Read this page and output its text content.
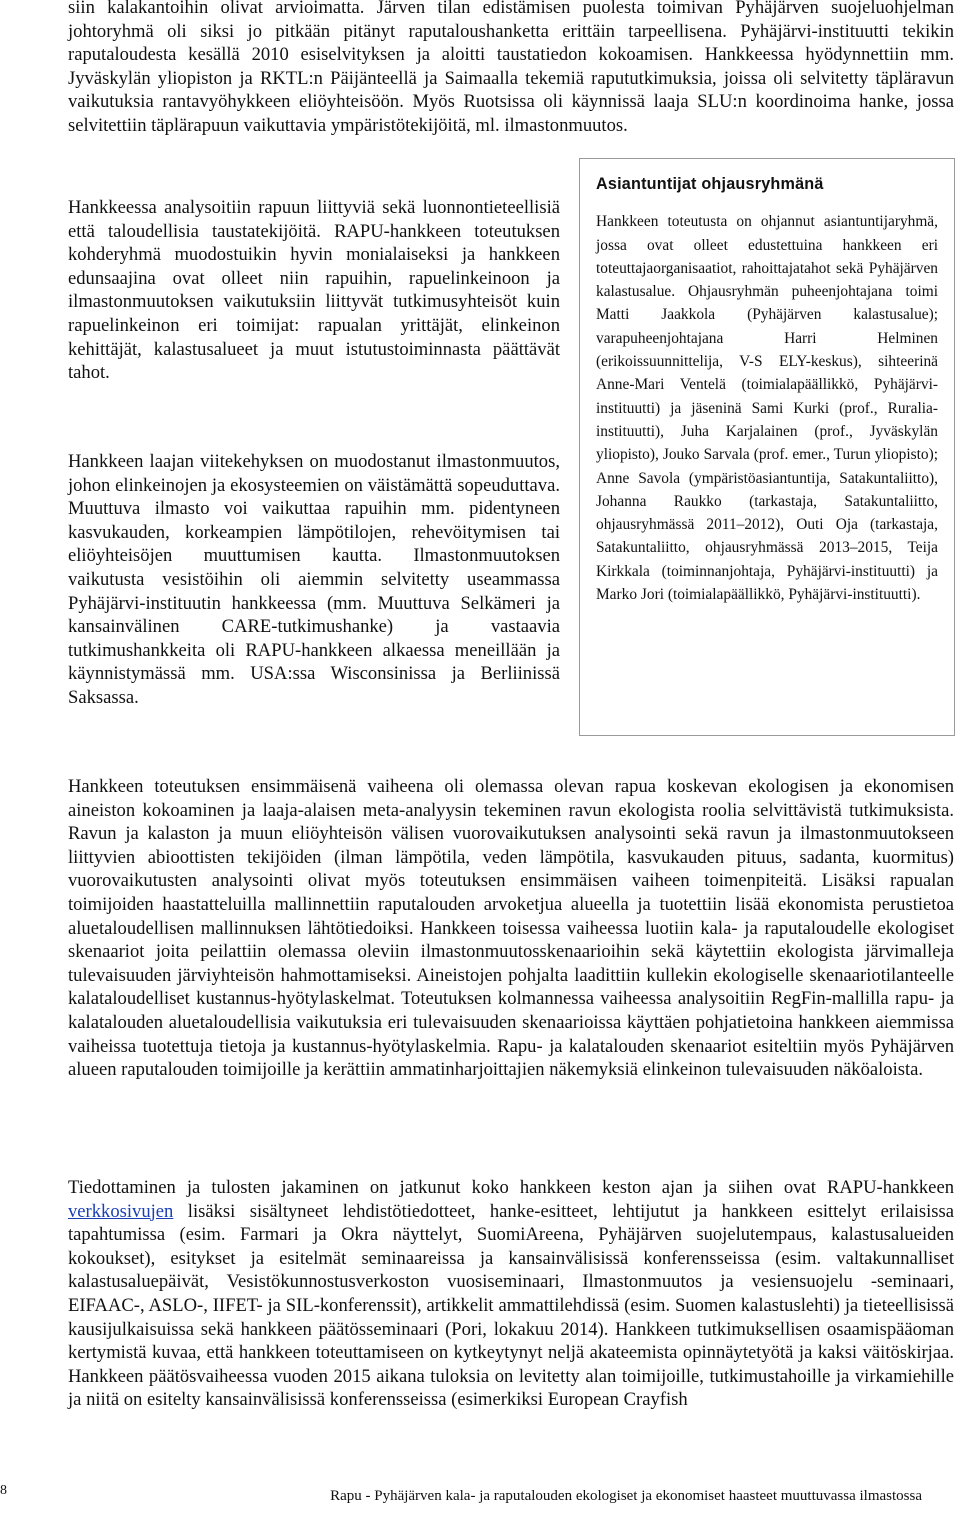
siin kalakantoihin olivat arvioimatta. Järven tilan edistämisen puolesta toimivan Pyhäjärven suojeluohjelman johtoryhmä oli siksi jo pitkään pitänyt raputaloushanketta erittäin tarpeellisena. Pyhäjärvi-instituutti tekikin raputaloudesta kesällä 2010 esiselvityksen ja aloitti taustatiedon kokoamisen. Hankkeessa hyödynnettiin mm. Jyväskylän yliopiston ja RKTL:n Päijänteellä ja Saimaalla tekemiä rapututkimuksia, joissa oli selvitetty täpläravun vaikutuksia rantavyöhykkeen eliöyhteisöön. Myös Ruotsissa oli käynnissä laaja SLU:n koordinoima hanke, jossa selvitettiin täplärapuun vaikuttavia ympäristötekijöitä, ml. ilmastonmuutos.

Hankkeessa analysoitiin rapuun liittyviä sekä luonnontieteellisiä että taloudellisia taustatekijöitä. RAPU-hankkeen toteutuksen kohderyhmä muodostuikin hyvin monialaiseksi ja hankkeen edunsaajina ovat olleet niin rapuihin, rapuelinkeinoon ja ilmastonmuutoksen vaikutuksiin liittyvät tutkimusyhteisöt kuin rapuelinkeinon eri toimijat: rapualan yrittäjät, elinkeinon kehittäjät, kalastusalueet ja muut istutustoiminnasta päättävät tahot.

Hankkeen laajan viitekehyksen on muodostanut ilmastonmuutos, johon elinkeinojen ja ekosysteemien on väistämättä sopeuduttava. Muuttuva ilmasto voi vaikuttaa rapuihin mm. pidentyneen kasvukauden, korkeampien lämpötilojen, rehevöitymisen tai eliöyhteisöjen muuttumisen kautta. Ilmastonmuutoksen vaikutusta vesistöihin oli aiemmin selvitetty useammassa Pyhäjärvi-instituutin hankkeessa (mm. Muuttuva Selkämeri ja kansainvälinen CARE-tutkimushanke) ja vastaavia tutkimushankkeita oli RAPU-hankkeen alkaessa meneillään ja käynnistymässä mm. USA:ssa Wisconsinissa ja Berliinissä Saksassa.

Asiantuntijat ohjausryhmänä

Hankkeen toteutusta on ohjannut asiantuntijaryhmä, jossa ovat olleet edustettuina hankkeen eri toteuttajaorganisaatiot, rahoittajatahot sekä Pyhäjärven kalastusalue. Ohjausryhmän puheenjohtajana toimi Matti Jaakkola (Pyhäjärven kalastusalue); varapuheenjohtajana Harri Helminen (erikoissuunnittelija, V-S ELY-keskus), sihteerinä Anne-Mari Ventelä (toimialapäällikkö, Pyhäjärvi-instituutti) ja jäseninä Sami Kurki (prof., Ruralia-instituutti), Juha Karjalainen (prof., Jyväskylän yliopisto), Jouko Sarvala (prof. emer., Turun yliopisto); Anne Savola (ympäristöasiantuntija, Satakuntaliitto), Johanna Raukko (tarkastaja, Satakuntaliitto, ohjausryhmässä 2011‒2012), Outi Oja (tarkastaja, Satakuntaliitto, ohjausryhmässä 2013‒2015, Teija Kirkkala (toiminnanjohtaja, Pyhäjärvi-instituutti) ja Marko Jori (toimialapäällikkö, Pyhäjärvi-instituutti).

Hankkeen toteutuksen ensimmäisenä vaiheena oli olemassa olevan rapua koskevan ekologisen ja ekonomisen aineiston kokoaminen ja laaja-alaisen meta-analyysin tekeminen ravun ekologista roolia selvittävistä tutkimuksista. Ravun ja kalaston ja muun eliöyhteisön välisen vuorovaikutuksen analysointi sekä ravun ja ilmastonmuutokseen liittyvien abioottisten tekijöiden (ilman lämpötila, veden lämpötila, kasvukauden pituus, sadanta, kuormitus) vuorovaikutusten analysointi olivat myös toteutuksen ensimmäisen vaiheen toimenpiteitä. Lisäksi rapualan toimijoiden haastatteluilla mallinnettiin raputalouden arvoketjua alueella ja tuotettiin lisää ekonomista perustietoa aluetaloudellisen mallinnuksen lähtötiedoiksi. Hankkeen toisessa vaiheessa luotiin kala- ja raputaloudelle ekologiset skenaariot joita peilattiin olemassa oleviin ilmastonmuutosskenaarioihin sekä käytettiin ekologista järvimalleja tulevaisuuden järviyhteisön hahmottamiseksi. Aineistojen pohjalta laadittiin kullekin ekologiselle skenaariotilanteelle kalataloudelliset kustannus-hyötylaskelmat. Toteutuksen kolmannessa vaiheessa analysoitiin RegFin-mallilla rapu- ja kalatalouden aluetaloudellisia vaikutuksia eri tulevaisuuden skenaarioissa käyttäen pohjatietoina hankkeen aiemmissa vaiheissa tuotettuja tietoja ja kustannus-hyötylaskelmia. Rapu- ja kalatalouden skenaariot esiteltiin myös Pyhäjärven alueen raputalouden toimijoille ja kerättiin ammatinharjoittajien näkemyksiä elinkeinon tulevaisuuden näköaloista.

Tiedottaminen ja tulosten jakaminen on jatkunut koko hankkeen keston ajan ja siihen ovat RAPU-hankkeen verkkosivujen lisäksi sisältyneet lehdistötiedotteet, hanke-esitteet, lehtijutut ja hankkeen esittelyt erilaisissa tapahtumissa (esim. Farmari ja Okra näyttelyt, SuomiAreena, Pyhäjärven suojelutempaus, kalastusalueiden kokoukset), esitykset ja esitelmät seminaareissa ja kansainvälisissä konferensseissa (esim. valtakunnalliset kalastusaluepäivät, Vesistökunnostusverkoston vuosiseminaari, Ilmastonmuutos ja vesiensuojelu -seminaari, EIFAAC-, ASLO-, IIFET- ja SIL-konferenssit), artikkelit ammattilehdissä (esim. Suomen kalastuslehti) ja tieteellisissä kausijulkaisuissa sekä hankkeen päätösseminaari (Pori, lokakuu 2014). Hankkeen tutkimuksellisen osaamispääoman kertymistä kuvaa, että hankkeen toteuttamiseen on kytkeytynyt neljä akateemista opinnäytetyötä ja kaksi väitöskirjaa. Hankkeen päätösvaiheessa vuoden 2015 aikana tuloksia on levitetty alan toimijoille, tutkimustahoille ja virkamiehille ja niitä on esitelty kansainvälisissä konferensseissa (esimerkiksi European Crayfish

8	Rapu - Pyhäjärven kala- ja raputalouden ekologiset ja ekonomiset haasteet muuttuvassa ilmastossa
